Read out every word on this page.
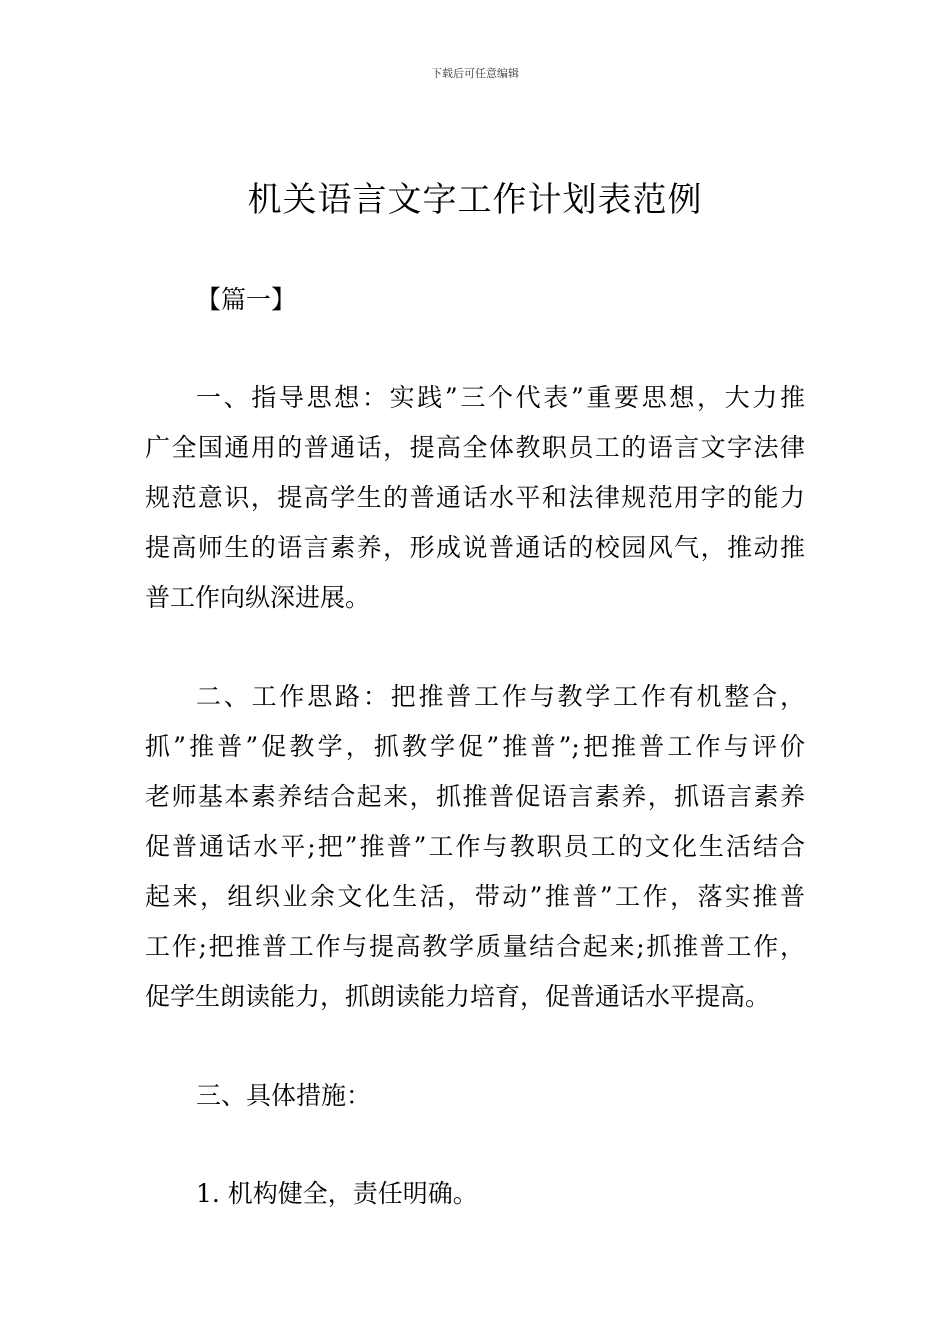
下载后可任意编辑
机关语言文字工作计划表范例
【篇一】
一、指导思想：实践”三个代表”重要思想，大力推
广全国通用的普通话，提高全体教职员工的语言文字法律
规范意识，提高学生的普通话水平和法律规范用字的能力
提高师生的语言素养，形成说普通话的校园风气，推动推
普工作向纵深进展。
二、工作思路：把推普工作与教学工作有机整合，
抓”推普”促教学，抓教学促”推普”;把推普工作与评价
老师基本素养结合起来，抓推普促语言素养，抓语言素养
促普通话水平;把”推普”工作与教职员工的文化生活结合
起来，组织业余文化生活，带动”推普”工作，落实推普
工作;把推普工作与提高教学质量结合起来;抓推普工作，
促学生朗读能力，抓朗读能力培育，促普通话水平提高。
三、具体措施：
1. 机构健全，责任明确。
